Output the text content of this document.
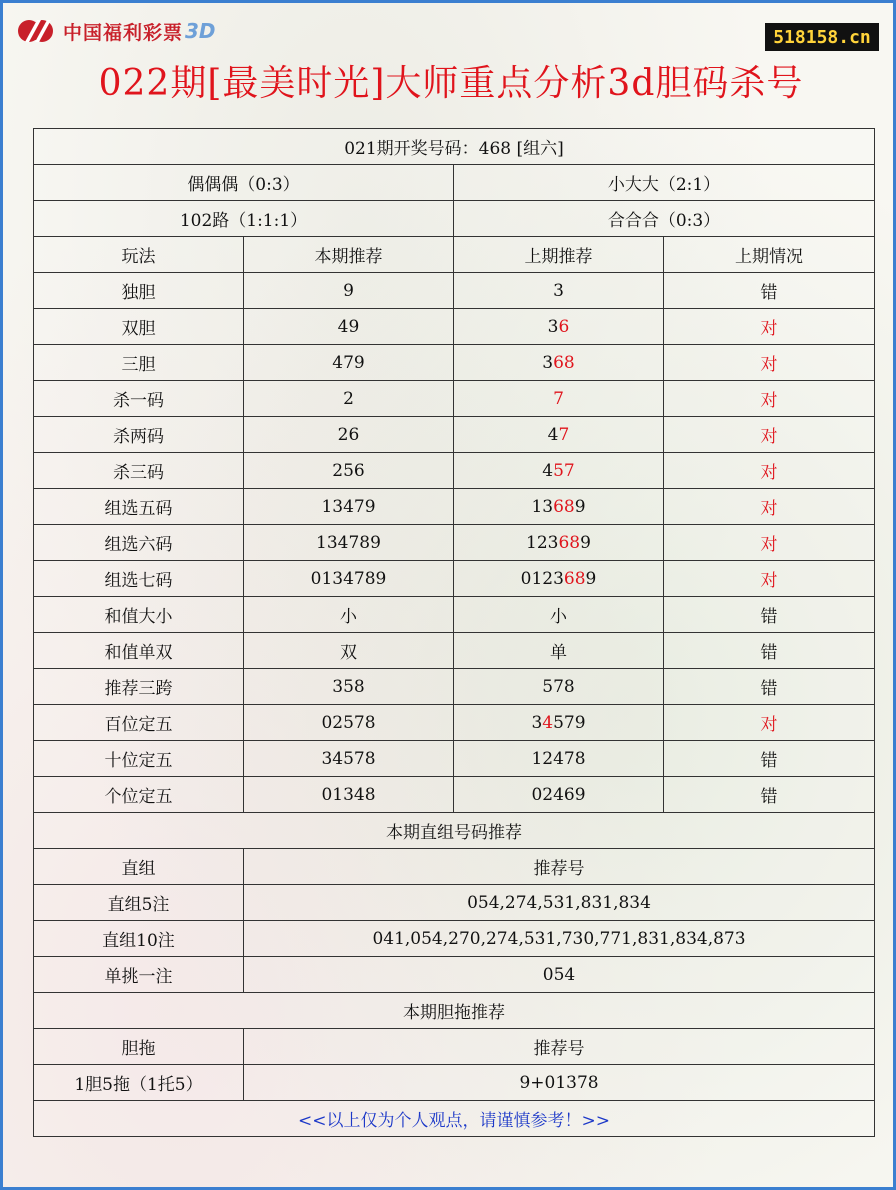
中国福利彩票 3D	518158.cn
022期[最美时光]大师重点分析3d胆码杀号
021期开奖号码：468 [组六]			
偶偶偶（0:3）		小大大（2:1）	
102路（1:1:1）		合合合（0:3）	
玩法	本期推荐	上期推荐	上期情况
独胆	9	3	错
双胆	49	36	对
三胆	479	368	对
杀一码	2	7	对
杀两码	26	47	对
杀三码	256	457	对
组选五码	13479	13689	对
组选六码	134789	123689	对
组选七码	0134789	0123689	对
和值大小	小	小	错
和值单双	双	单	错
推荐三跨	358	578	错
百位定五	02578	34579	对
十位定五	34578	12478	错
个位定五	01348	02469	错
本期直组号码推荐			
直组	推荐号		
直组5注	054,274,531,831,834		
直组10注	041,054,270,274,531,730,771,831,834,873		
单挑一注	054		
本期胆拖推荐			
胆拖	推荐号		
1胆5拖（1托5）	9+01378		
<<以上仅为个人观点，请谨慎参考！>>			
